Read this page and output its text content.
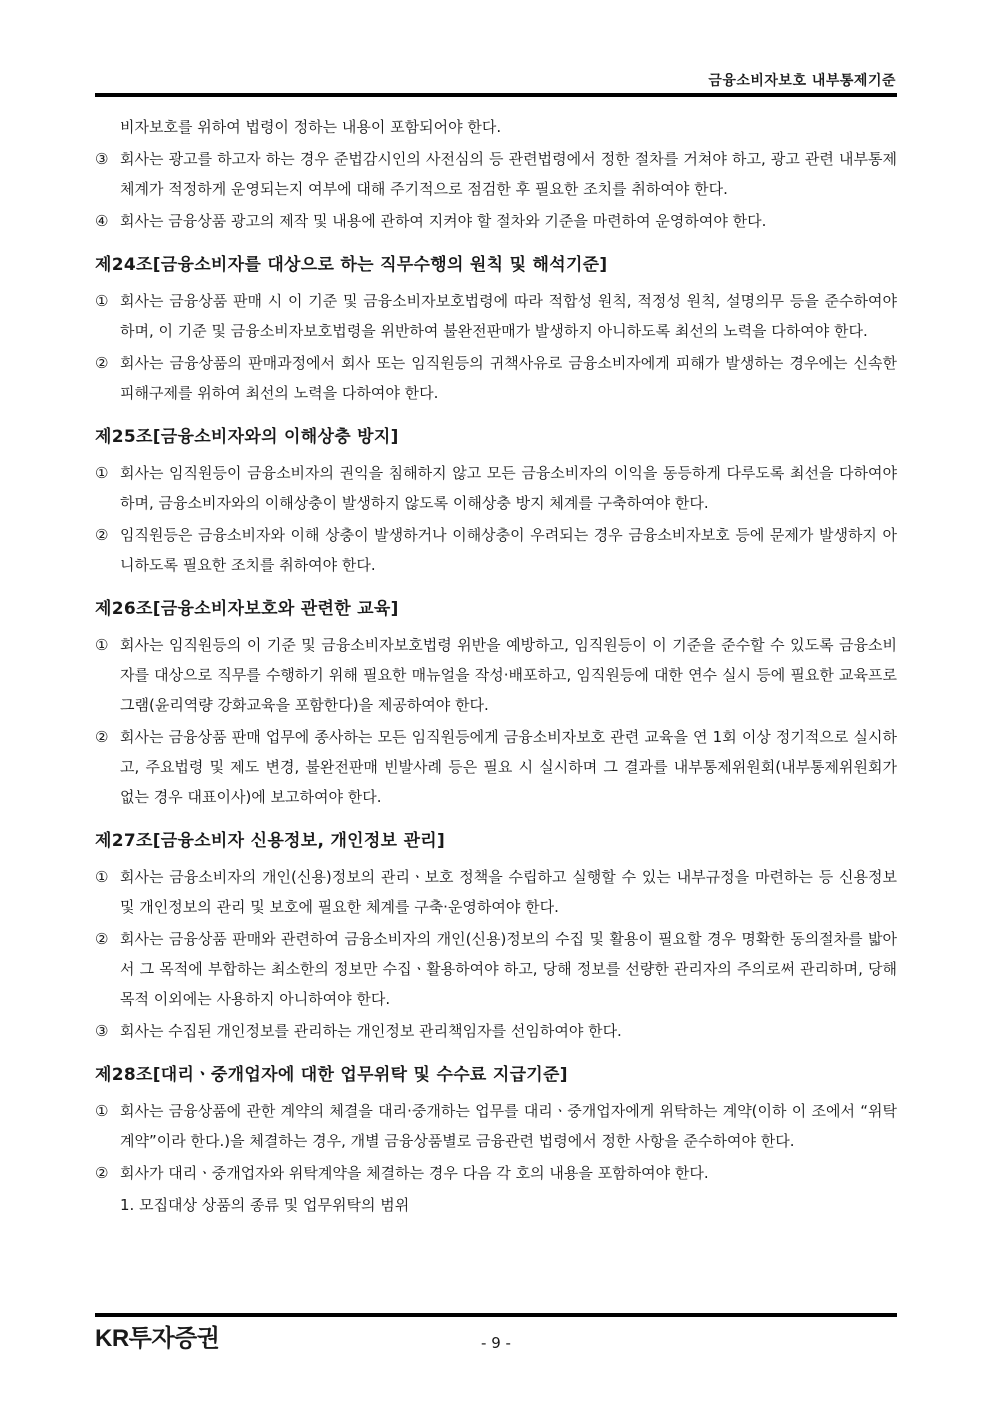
금융소비자보호 내부통제기준

비자보호를 위하여 법령이 정하는 내용이 포함되어야 한다.

③ 회사는 광고를 하고자 하는 경우 준법감시인의 사전심의 등 관련법령에서 정한 절차를 거쳐야 하고, 광고 관련 내부통제체계가 적정하게 운영되는지 여부에 대해 주기적으로 점검한 후 필요한 조치를 취하여야 한다.

④ 회사는 금융상품 광고의 제작 및 내용에 관하여 지켜야 할 절차와 기준을 마련하여 운영하여야 한다.

제24조[금융소비자를 대상으로 하는 직무수행의 원칙 및 해석기준]

① 회사는 금융상품 판매 시 이 기준 및 금융소비자보호법령에 따라 적합성 원칙, 적정성 원칙, 설명의무 등을 준수하여야 하며, 이 기준 및 금융소비자보호법령을 위반하여 불완전판매가 발생하지 아니하도록 최선의 노력을 다하여야 한다.

② 회사는 금융상품의 판매과정에서 회사 또는 임직원등의 귀책사유로 금융소비자에게 피해가 발생하는 경우에는 신속한 피해구제를 위하여 최선의 노력을 다하여야 한다.

제25조[금융소비자와의 이해상충 방지]

① 회사는 임직원등이 금융소비자의 권익을 침해하지 않고 모든 금융소비자의 이익을 동등하게 다루도록 최선을 다하여야 하며, 금융소비자와의 이해상충이 발생하지 않도록 이해상충 방지 체계를 구축하여야 한다.

② 임직원등은 금융소비자와 이해 상충이 발생하거나 이해상충이 우려되는 경우 금융소비자보호 등에 문제가 발생하지 아니하도록 필요한 조치를 취하여야 한다.

제26조[금융소비자보호와 관련한 교육]

① 회사는 임직원등의 이 기준 및 금융소비자보호법령 위반을 예방하고, 임직원등이 이 기준을 준수할 수 있도록 금융소비자를 대상으로 직무를 수행하기 위해 필요한 매뉴얼을 작성·배포하고, 임직원등에 대한 연수 실시 등에 필요한 교육프로그램(윤리역량 강화교육을 포함한다)을 제공하여야 한다.

② 회사는 금융상품 판매 업무에 종사하는 모든 임직원등에게 금융소비자보호 관련 교육을 연 1회 이상 정기적으로 실시하고, 주요법령 및 제도 변경, 불완전판매 빈발사례 등은 필요 시 실시하며 그 결과를 내부통제위원회(내부통제위원회가 없는 경우 대표이사)에 보고하여야 한다.

제27조[금융소비자 신용정보, 개인정보 관리]

① 회사는 금융소비자의 개인(신용)정보의 관리ㆍ보호 정책을 수립하고 실행할 수 있는 내부규정을 마련하는 등 신용정보 및 개인정보의 관리 및 보호에 필요한 체계를 구축·운영하여야 한다.

② 회사는 금융상품 판매와 관련하여 금융소비자의 개인(신용)정보의 수집 및 활용이 필요할 경우 명확한 동의절차를 밟아서 그 목적에 부합하는 최소한의 정보만 수집ㆍ활용하여야 하고, 당해 정보를 선량한 관리자의 주의로써 관리하며, 당해 목적 이외에는 사용하지 아니하여야 한다.

③ 회사는 수집된 개인정보를 관리하는 개인정보 관리책임자를 선임하여야 한다.

제28조[대리ㆍ중개업자에 대한 업무위탁 및 수수료 지급기준]

① 회사는 금융상품에 관한 계약의 체결을 대리·중개하는 업무를 대리ㆍ중개업자에게 위탁하는 계약(이하 이 조에서 “위탁계약”이라 한다.)을 체결하는 경우, 개별 금융상품별로 금융관련 법령에서 정한 사항을 준수하여야 한다.

② 회사가 대리ㆍ중개업자와 위탁계약을 체결하는 경우 다음 각 호의 내용을 포함하여야 한다.

1. 모집대상 상품의 종류 및 업무위탁의 범위
KR투자증권	- 9 -
